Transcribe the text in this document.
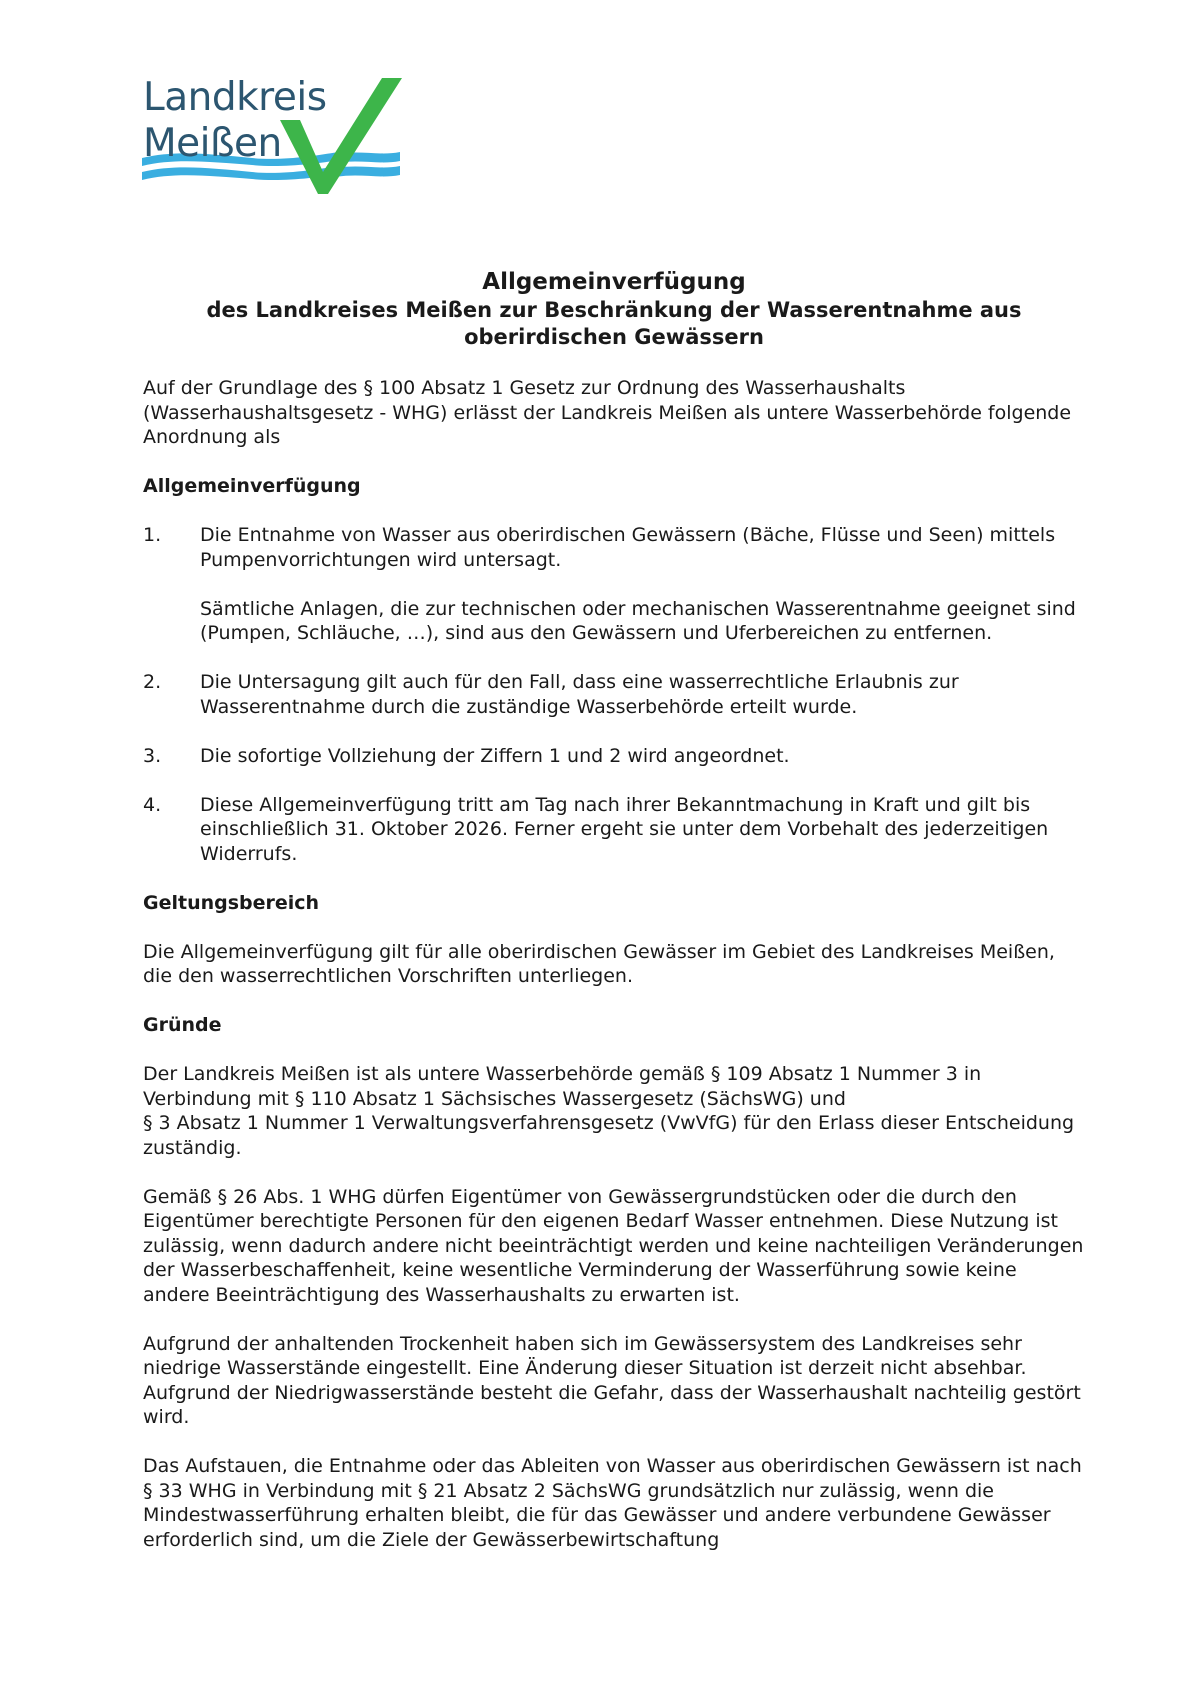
Landkreis
Meißen
Allgemeinverfügung
des Landkreises Meißen zur Beschränkung der Wasserentnahme aus
oberirdischen Gewässern

Auf der Grundlage des § 100 Absatz 1 Gesetz zur Ordnung des Wasserhaushalts (Wasserhaushaltsgesetz - WHG) erlässt der Landkreis Meißen als untere Wasserbehörde folgende Anordnung als

Allgemeinverfügung
1.	Die Entnahme von Wasser aus oberirdischen Gewässern (Bäche, Flüsse und Seen) mittels Pumpenvorrichtungen wird untersagt.

Sämtliche Anlagen, die zur technischen oder mechanischen Wasserentnahme geeignet sind (Pumpen, Schläuche, …), sind aus den Gewässern und Uferbereichen zu entfernen.

2.	Die Untersagung gilt auch für den Fall, dass eine wasserrechtliche Erlaubnis zur Wasserentnahme durch die zuständige Wasserbehörde erteilt wurde.

3.	Die sofortige Vollziehung der Ziffern 1 und 2 wird angeordnet.

4.	Diese Allgemeinverfügung tritt am Tag nach ihrer Bekanntmachung in Kraft und gilt bis einschließlich 31. Oktober 2026. Ferner ergeht sie unter dem Vorbehalt des jederzeitigen Widerrufs.

Geltungsbereich

Die Allgemeinverfügung gilt für alle oberirdischen Gewässer im Gebiet des Landkreises Meißen, die den wasserrechtlichen Vorschriften unterliegen.

Gründe

Der Landkreis Meißen ist als untere Wasserbehörde gemäß § 109 Absatz 1 Nummer 3 in Verbindung mit § 110 Absatz 1 Sächsisches Wassergesetz (SächsWG) und
§ 3 Absatz 1 Nummer 1 Verwaltungsverfahrensgesetz (VwVfG) für den Erlass dieser Entscheidung zuständig.

Gemäß § 26 Abs. 1 WHG dürfen Eigentümer von Gewässergrundstücken oder die durch den Eigentümer berechtigte Personen für den eigenen Bedarf Wasser entnehmen. Diese Nutzung ist zulässig, wenn dadurch andere nicht beeinträchtigt werden und keine nachteiligen Veränderungen der Wasserbeschaffenheit, keine wesentliche Verminderung der Wasserführung sowie keine andere Beeinträchtigung des Wasserhaushalts zu erwarten ist.

Aufgrund der anhaltenden Trockenheit haben sich im Gewässersystem des Landkreises sehr niedrige Wasserstände eingestellt. Eine Änderung dieser Situation ist derzeit nicht absehbar. Aufgrund der Niedrigwasserstände besteht die Gefahr, dass der Wasserhaushalt nachteilig gestört wird.

Das Aufstauen, die Entnahme oder das Ableiten von Wasser aus oberirdischen Gewässern ist nach § 33 WHG in Verbindung mit § 21 Absatz 2 SächsWG grundsätzlich nur zulässig, wenn die Mindestwasserführung erhalten bleibt, die für das Gewässer und andere verbundene Gewässer erforderlich sind, um die Ziele der Gewässerbewirtschaftung
